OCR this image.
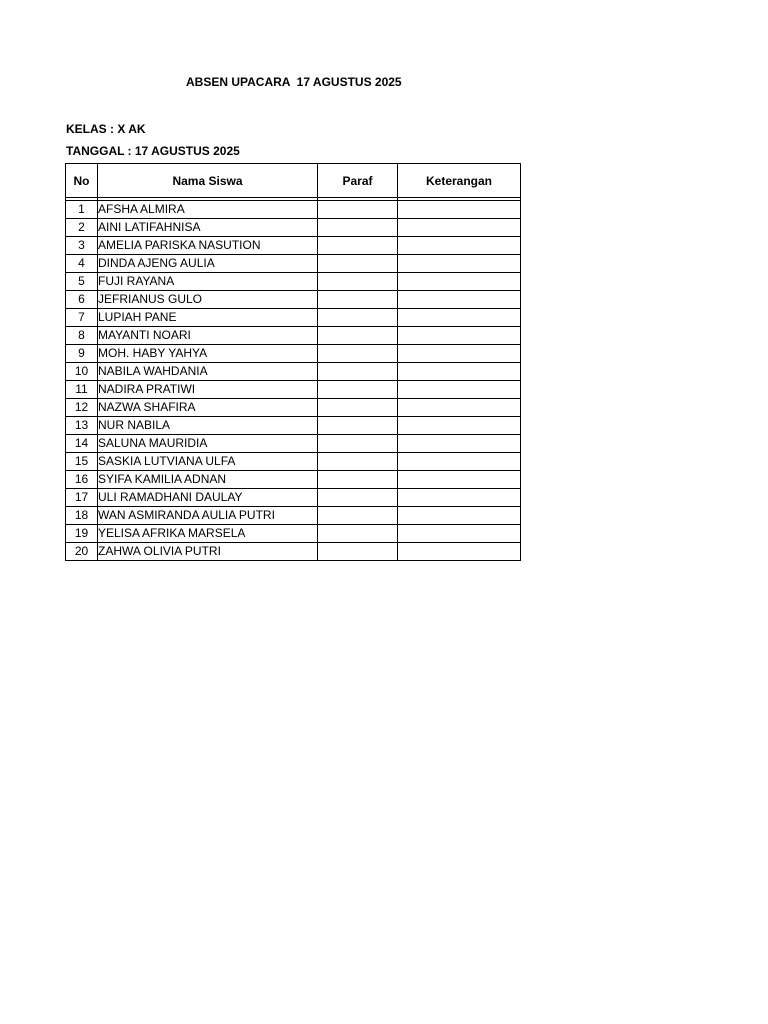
ABSEN UPACARA  17 AGUSTUS 2025
KELAS : X AK
TANGGAL : 17 AGUSTUS 2025
No	Nama Siswa	Paraf	Keterangan

1	AFSHA ALMIRA		
2	AINI LATIFAHNISA		
3	AMELIA PARISKA NASUTION		
4	DINDA AJENG AULIA		
5	FUJI RAYANA		
6	JEFRIANUS GULO		
7	LUPIAH PANE		
8	MAYANTI NOARI		
9	MOH. HABY YAHYA		
10	NABILA WAHDANIA		
11	NADIRA PRATIWI		
12	NAZWA SHAFIRA		
13	NUR NABILA		
14	SALUNA MAURIDIA		
15	SASKIA LUTVIANA ULFA		
16	SYIFA KAMILIA ADNAN		
17	ULI RAMADHANI DAULAY		
18	WAN ASMIRANDA AULIA PUTRI		
19	YELISA AFRIKA MARSELA		
20	ZAHWA OLIVIA PUTRI		
